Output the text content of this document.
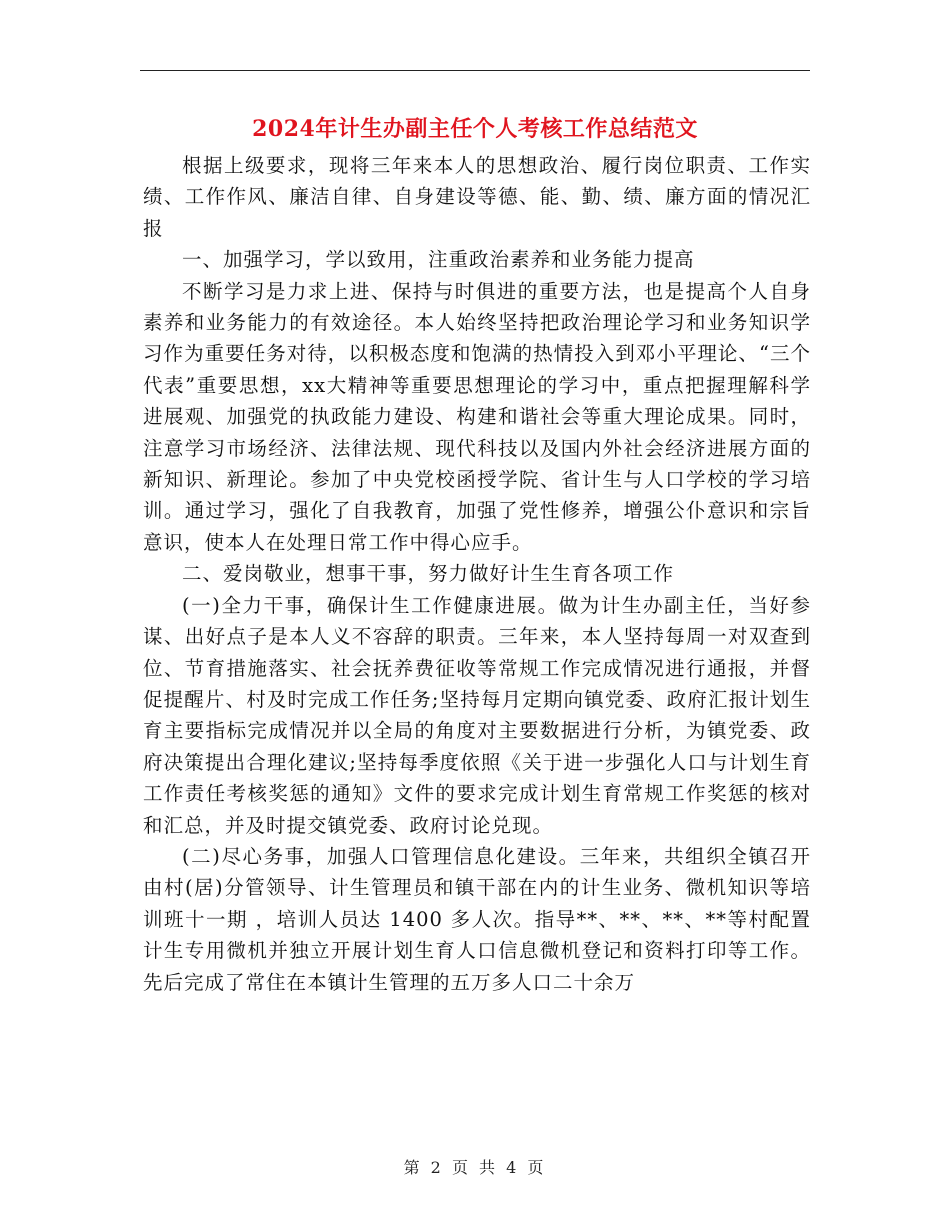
2024年计生办副主任个人考核工作总结范文

根据上级要求，现将三年来本人的思想政治、履行岗位职责、工作实绩、工作作风、廉洁自律、自身建设等德、能、勤、绩、廉方面的情况汇报

一、加强学习，学以致用，注重政治素养和业务能力提高

不断学习是力求上进、保持与时俱进的重要方法，也是提高个人自身素养和业务能力的有效途径。本人始终坚持把政治理论学习和业务知识学习作为重要任务对待，以积极态度和饱满的热情投入到邓小平理论、“三个代表”重要思想，xx大精神等重要思想理论的学习中，重点把握理解科学进展观、加强党的执政能力建设、构建和谐社会等重大理论成果。同时，注意学习市场经济、法律法规、现代科技以及国内外社会经济进展方面的新知识、新理论。参加了中央党校函授学院、省计生与人口学校的学习培训。通过学习，强化了自我教育，加强了党性修养，增强公仆意识和宗旨意识，使本人在处理日常工作中得心应手。

二、爱岗敬业，想事干事，努力做好计生生育各项工作

(一)全力干事，确保计生工作健康进展。做为计生办副主任，当好参谋、出好点子是本人义不容辞的职责。三年来，本人坚持每周一对双查到位、节育措施落实、社会抚养费征收等常规工作完成情况进行通报，并督促提醒片、村及时完成工作任务;坚持每月定期向镇党委、政府汇报计划生育主要指标完成情况并以全局的角度对主要数据进行分析，为镇党委、政府决策提出合理化建议;坚持每季度依照《关于进一步强化人口与计划生育工作责任考核奖惩的通知》文件的要求完成计划生育常规工作奖惩的核对和汇总，并及时提交镇党委、政府讨论兑现。

(二)尽心务事，加强人口管理信息化建设。三年来，共组织全镇召开由村(居)分管领导、计生管理员和镇干部在内的计生业务、微机知识等培训班十一期 ，培训人员达 1400 多人次。指导**、**、**、**等村配置计生专用微机并独立开展计划生育人口信息微机登记和资料打印等工作。先后完成了常住在本镇计生管理的五万多人口二十余万

第 2 页 共 4 页
